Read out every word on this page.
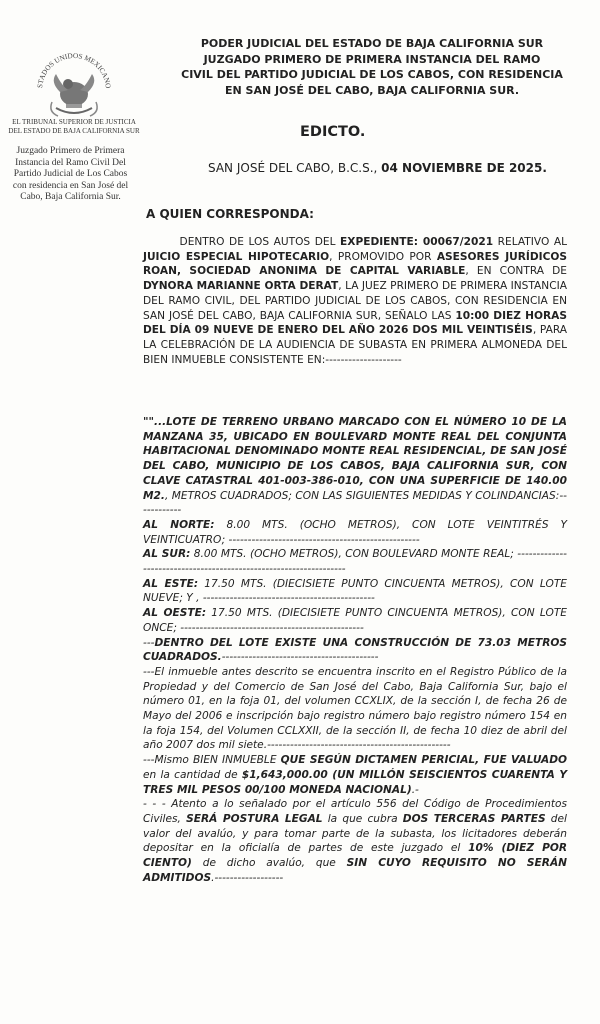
STADOS UNIDOS MEXICANO
EL TRIBUNAL SUPERIOR DE JUSTICIA
DEL ESTADO DE BAJA CALIFORNIA SUR
Juzgado Primero de Primera
Instancia del Ramo Civil Del
Partido Judicial de Los Cabos
con residencia en San José del
Cabo, Baja California Sur.
PODER JUDICIAL DEL ESTADO DE BAJA CALIFORNIA SUR
JUZGADO PRIMERO DE PRIMERA INSTANCIA DEL RAMO
CIVIL DEL PARTIDO JUDICIAL DE LOS CABOS, CON RESIDENCIA
EN SAN JOSÉ DEL CABO, BAJA CALIFORNIA SUR.
EDICTO.
SAN JOSÉ DEL CABO, B.C.S., 04 NOVIEMBRE DE 2025.
A QUIEN CORRESPONDA:
DENTRO DE LOS AUTOS DEL EXPEDIENTE: 00067/2021 RELATIVO AL JUICIO ESPECIAL HIPOTECARIO, PROMOVIDO POR ASESORES JURÍDICOS ROAN, SOCIEDAD ANONIMA DE CAPITAL VARIABLE, EN CONTRA DE DYNORA MARIANNE ORTA DERAT, LA JUEZ PRIMERO DE PRIMERA INSTANCIA DEL RAMO CIVIL, DEL PARTIDO JUDICIAL DE LOS CABOS, CON RESIDENCIA EN SAN JOSÉ DEL CABO, BAJA CALIFORNIA SUR, SEÑALO LAS 10:00 DIEZ HORAS DEL DÍA 09 NUEVE DE ENERO DEL AÑO 2026 DOS MIL VEINTISÉIS, PARA LA CELEBRACIÓN DE LA AUDIENCIA DE SUBASTA EN PRIMERA ALMONEDA DEL BIEN INMUEBLE CONSISTENTE EN:--------------------
""...LOTE DE TERRENO URBANO MARCADO CON EL NÚMERO 10 DE LA MANZANA 35, UBICADO EN BOULEVARD MONTE REAL DEL CONJUNTA HABITACIONAL DENOMINADO MONTE REAL RESIDENCIAL, DE SAN JOSÉ DEL CABO, MUNICIPIO DE LOS CABOS, BAJA CALIFORNIA SUR, CON CLAVE CATASTRAL 401-003-386-010, CON UNA SUPERFICIE DE 140.00 M2., METROS CUADRADOS; CON LAS SIGUIENTES MEDIDAS Y COLINDANCIAS:------------
AL NORTE: 8.00 MTS. (OCHO METROS), CON LOTE VEINTITRÉS Y VEINTICUATRO; --------------------------------------------------
AL SUR: 8.00 MTS. (OCHO METROS), CON BOULEVARD MONTE REAL; ------------------------------------------------------------------
AL ESTE: 17.50 MTS. (DIECISIETE PUNTO CINCUENTA METROS), CON LOTE NUEVE; Y , ---------------------------------------------
AL OESTE: 17.50 MTS. (DIECISIETE PUNTO CINCUENTA METROS), CON LOTE ONCE; ------------------------------------------------
---DENTRO DEL LOTE EXISTE UNA CONSTRUCCIÓN DE 73.03 METROS CUADRADOS.-----------------------------------------
---El inmueble antes descrito se encuentra inscrito en el Registro Público de la Propiedad y del Comercio de San José del Cabo, Baja California Sur, bajo el número 01, en la foja 01, del volumen CCXLIX, de la sección I, de fecha 26 de Mayo del 2006 e inscripción bajo registro número bajo registro número 154 en la foja 154, del Volumen CCLXXII, de la sección II, de fecha 10 diez de abril del año 2007 dos mil siete.------------------------------------------------
---Mismo BIEN INMUEBLE QUE SEGÚN DICTAMEN PERICIAL, FUE VALUADO en la cantidad de $1,643,000.00 (UN MILLÓN SEISCIENTOS CUARENTA Y TRES MIL PESOS 00/100 MONEDA NACIONAL).-
- - - Atento a lo señalado por el artículo 556 del Código de Procedimientos Civiles, SERÁ POSTURA LEGAL la que cubra DOS TERCERAS PARTES del valor del avalúo, y para tomar parte de la subasta, los licitadores deberán depositar en la oficialía de partes de este juzgado el 10% (DIEZ POR CIENTO) de dicho avalúo, que SIN CUYO REQUISITO NO SERÁN ADMITIDOS.------------------
